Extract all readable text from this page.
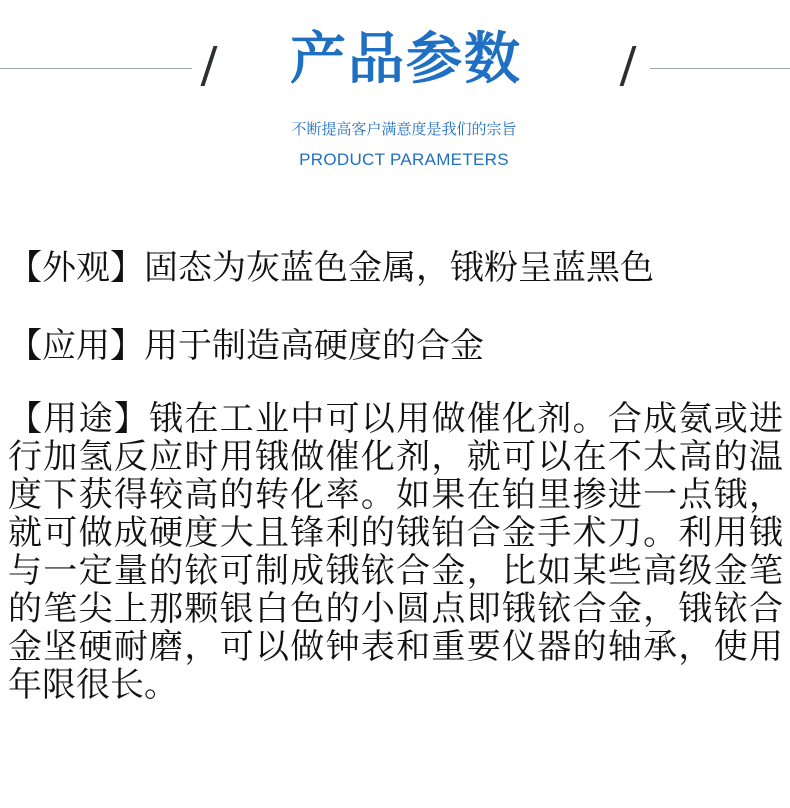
产品参数
不断提高客户满意度是我们的宗旨
PRODUCT PARAMETERS

【外观】固态为灰蓝色金属，锇粉呈蓝黑色

【应用】用于制造高硬度的合金

【用途】锇在工业中可以用做催化剂。合成氨或进行加氢反应时用锇做催化剂，就可以在不太高的温度下获得较高的转化率。如果在铂里掺进一点锇，就可做成硬度大且锋利的锇铂合金手术刀。利用锇与一定量的铱可制成锇铱合金，比如某些高级金笔的笔尖上那颗银白色的小圆点即锇铱合金，锇铱合金坚硬耐磨，可以做钟表和重要仪器的轴承，使用年限很长。
